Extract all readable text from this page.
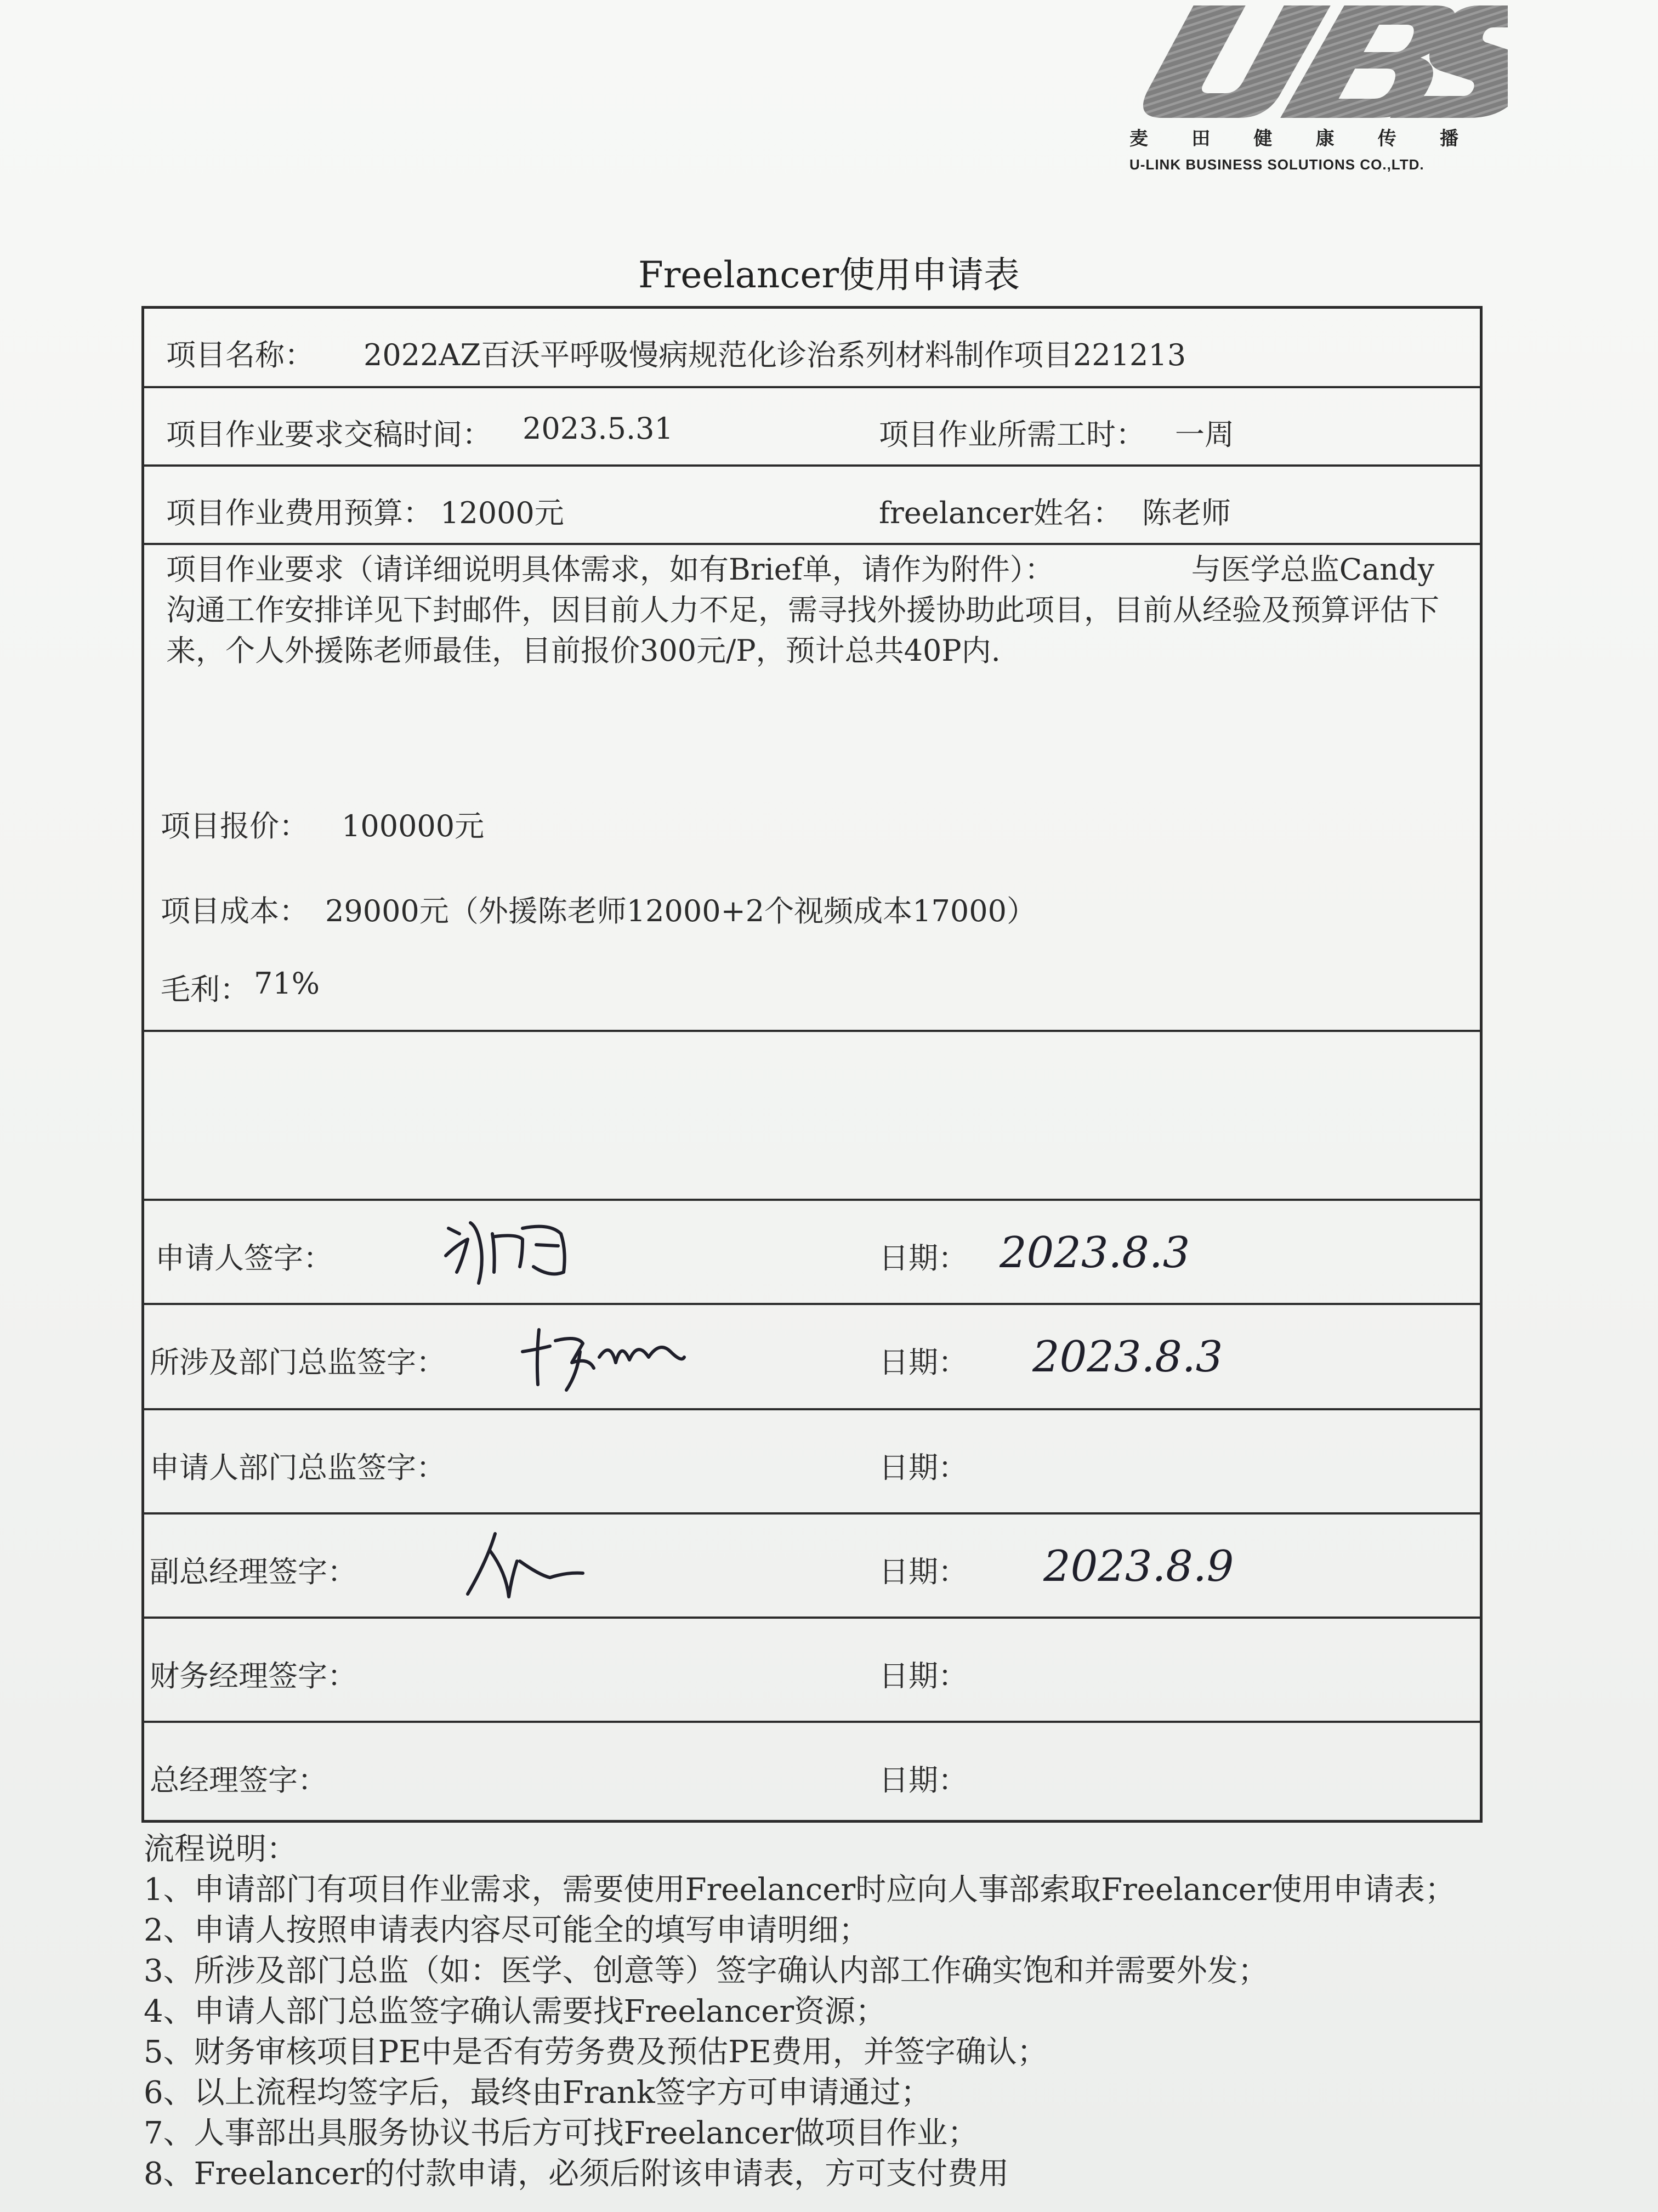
麦 田 健 康 传 播
U-LINK BUSINESS SOLUTIONS CO.,LTD.
Freelancer使用申请表
项目名称： 2022AZ百沃平呼吸慢病规范化诊治系列材料制作项目221213
项目作业要求交稿时间： 2023.5.31	项目作业所需工时： 一周
项目作业费用预算： 12000元	freelancer姓名： 陈老师
项目作业要求（请详细说明具体需求，如有Brief单，请作为附件）：	与医学总监Candy沟通工作安排详见下封邮件，因目前人力不足，需寻找外援协助此项目，目前从经验及预算评估下来，个人外援陈老师最佳，目前报价300元/P，预计总共40P内.
项目报价： 100000元
项目成本： 29000元（外援陈老师12000+2个视频成本17000）
毛利： 71%
申请人签字：	日期： 2023.8.3
所涉及部门总监签字：	日期： 2023.8.3
申请人部门总监签字：	日期：
副总经理签字：	日期： 2023.8.9
财务经理签字：	日期：
总经理签字：	日期：
流程说明：
1、申请部门有项目作业需求，需要使用Freelancer时应向人事部索取Freelancer使用申请表；
2、申请人按照申请表内容尽可能全的填写申请明细；
3、所涉及部门总监（如：医学、创意等）签字确认内部工作确实饱和并需要外发；
4、申请人部门总监签字确认需要找Freelancer资源；
5、财务审核项目PE中是否有劳务费及预估PE费用，并签字确认；
6、以上流程均签字后，最终由Frank签字方可申请通过；
7、人事部出具服务协议书后方可找Freelancer做项目作业；
8、Freelancer的付款申请，必须后附该申请表，方可支付费用
